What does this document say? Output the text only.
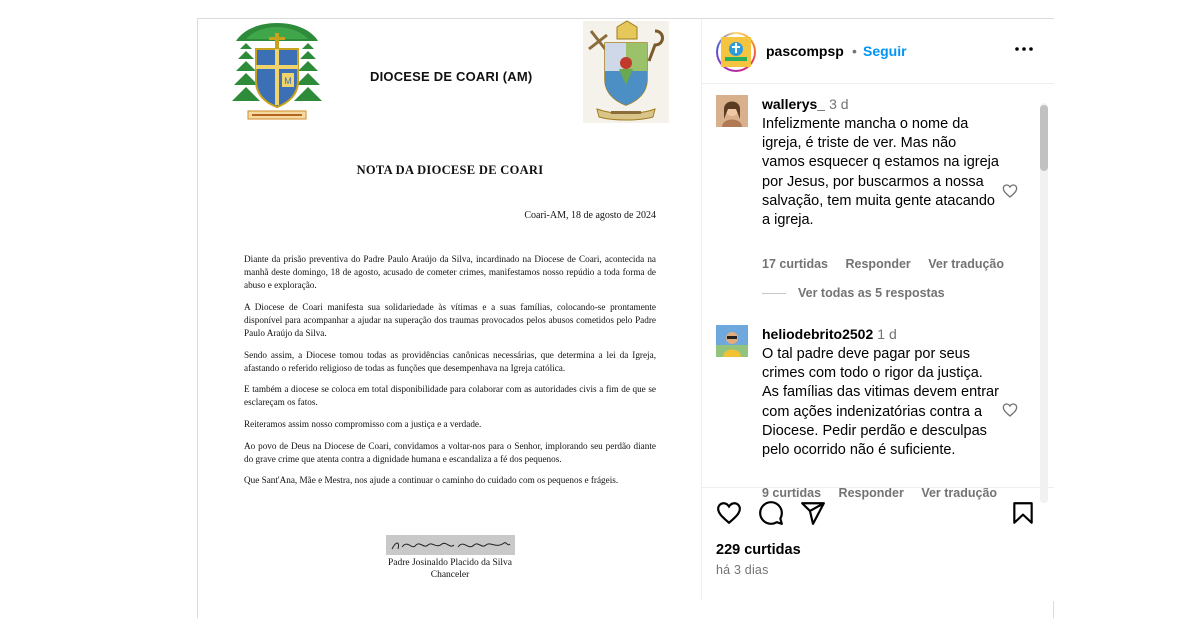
M	DIOCESE DE COARI (AM)
NOTA DA DIOCESE DE COARI
Coari-AM, 18 de agosto de 2024

Diante da prisão preventiva do Padre Paulo Araújo da Silva, incardinado na Diocese de Coari, acontecida na manhã deste domingo, 18 de agosto, acusado de cometer crimes, manifestamos nosso repúdio a toda forma de abuso e exploração.

A Diocese de Coari manifesta sua solidariedade às vítimas e a suas famílias, colocando-se prontamente disponível para acompanhar a ajudar na superação dos traumas provocados pelos abusos cometidos pelo Padre Paulo Araújo da Silva.

Sendo assim, a Diocese tomou todas as providências canônicas necessárias, que determina a lei da Igreja, afastando o referido religioso de todas as funções que desempenhava na Igreja católica.

E também a diocese se coloca em total disponibilidade para colaborar com as autoridades civis a fim de que se esclareçam os fatos.

Reiteramos assim nosso compromisso com a justiça e a verdade.

Ao povo de Deus na Diocese de Coari, convidamos a voltar-nos para o Senhor, implorando seu perdão diante do grave crime que atenta contra a dignidade humana e escandaliza a fé dos pequenos.

Que Sant'Ana, Mãe e Mestra, nos ajude a continuar o caminho do cuidado com os pequenos e frágeis.

Padre Josinaldo Placido da Silva
Chanceler
pascompsp • Seguir
wallerys_ 3 d
Infelizmente mancha o nome da igreja, é triste de ver. Mas não vamos esquecer q estamos na igreja por Jesus, por buscarmos a nossa salvação, tem muita gente atacando a igreja.
17 curtidas Responder Ver tradução
Ver todas as 5 respostas
heliodebrito2502 1 d
O tal padre deve pagar por seus crimes com todo o rigor da justiça. As famílias das vitimas devem entrar com ações indenizatórias contra a Diocese. Pedir perdão e desculpas pelo ocorrido não é suficiente.
9 curtidas Responder Ver tradução
229 curtidas
há 3 dias
